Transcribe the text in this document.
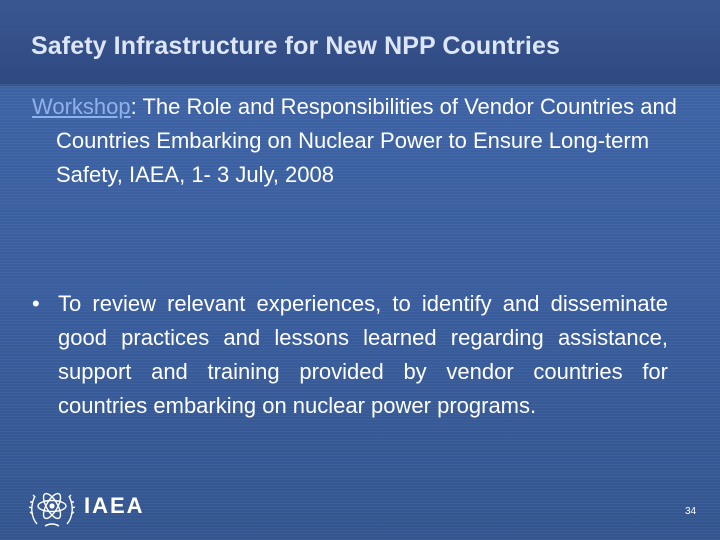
Safety Infrastructure for New NPP Countries
Workshop: The Role and Responsibilities of Vendor Countries and Countries Embarking on Nuclear Power to Ensure Long-term Safety, IAEA, 1- 3 July, 2008
• To review relevant experiences, to identify and disseminate good practices and lessons learned regarding assistance, support and training provided by vendor countries for countries embarking on nuclear power programs.
IAEA	34
